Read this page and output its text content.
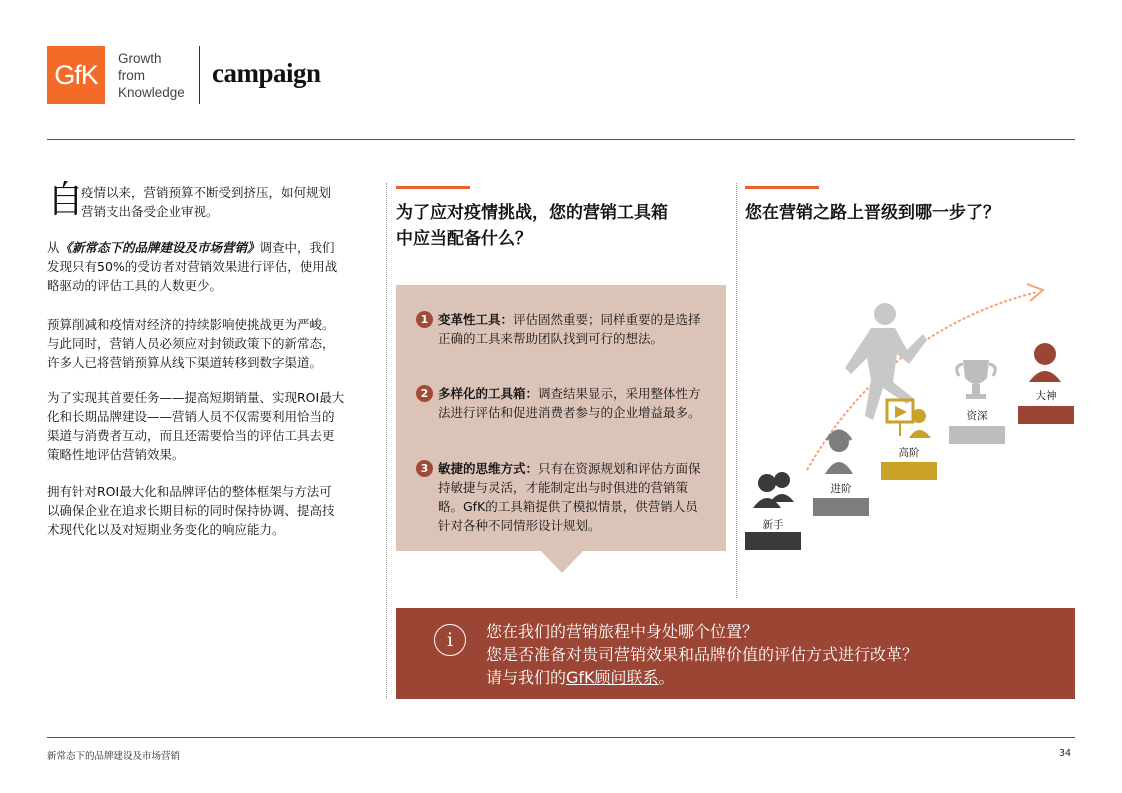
GfK
Growth
from
Knowledge
campaign
自
疫情以来，营销预算不断受到挤压，如何规划
营销支出备受企业审视。
从《新常态下的品牌建设及市场营销》调查中，我们
发现只有50%的受访者对营销效果进行评估，使用战
略驱动的评估工具的人数更少。
预算削减和疫情对经济的持续影响使挑战更为严峻。
与此同时，营销人员必须应对封锁政策下的新常态，
许多人已将营销预算从线下渠道转移到数字渠道。
为了实现其首要任务——提高短期销量、实现ROI最大
化和长期品牌建设——营销人员不仅需要利用恰当的
渠道与消费者互动，而且还需要恰当的评估工具去更
策略性地评估营销效果。
拥有针对ROI最大化和品牌评估的整体框架与方法可
以确保企业在追求长期目标的同时保持协调、提高技
术现代化以及对短期业务变化的响应能力。
为了应对疫情挑战，您的营销工具箱
中应当配备什么？
1 变革性工具：评估固然重要；同样重要的是选择
正确的工具来帮助团队找到可行的想法。
2 多样化的工具箱：调查结果显示，采用整体性方
法进行评估和促进消费者参与的企业增益最多。
3 敏捷的思维方式：只有在资源规划和评估方面保
持敏捷与灵活，才能制定出与时俱进的营销策
略。GfK的工具箱提供了模拟情景，供营销人员
针对各种不同情形设计规划。
您在营销之路上晋级到哪一步了？
新手
进阶
高阶
资深
大神
i	您在我们的营销旅程中身处哪个位置？
您是否准备对贵司营销效果和品牌价值的评估方式进行改革？
请与我们的GfK顾问联系。
新常态下的品牌建设及市场营销	34
